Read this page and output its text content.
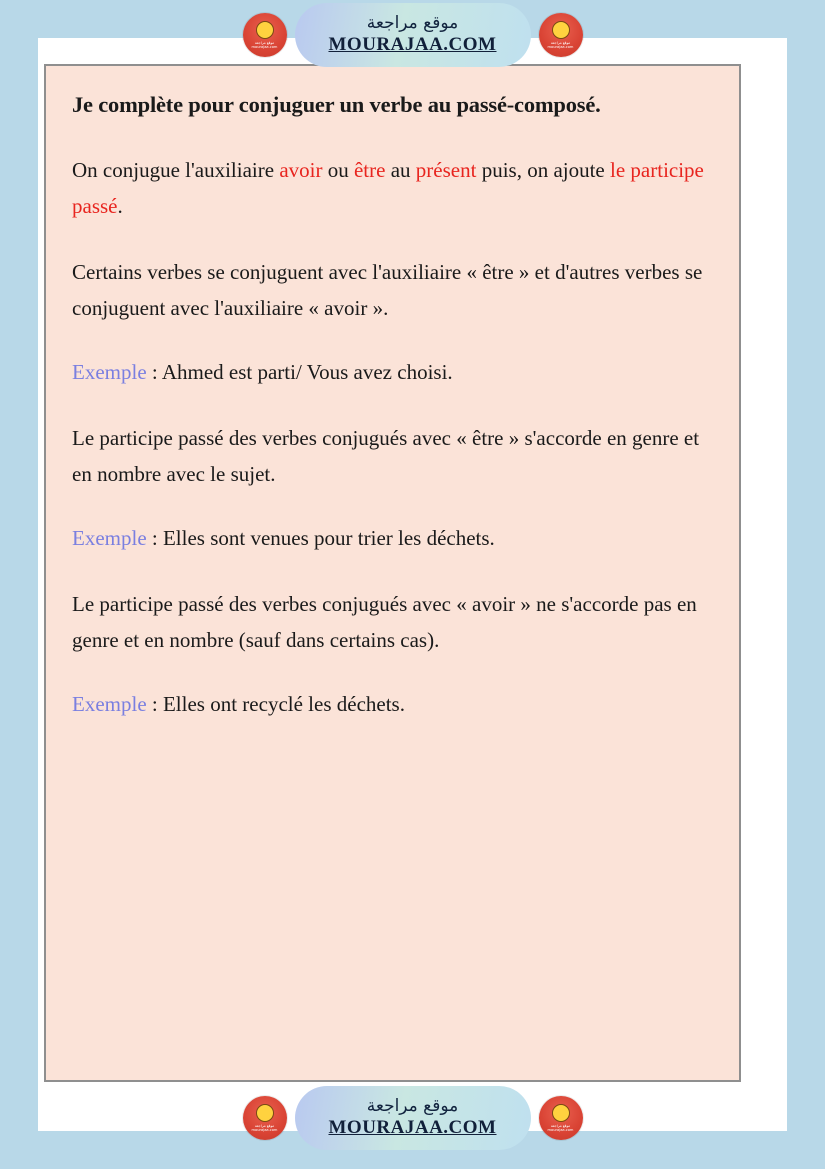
Je complète pour conjuguer un verbe au passé-composé.

On conjugue l'auxiliaire avoir ou être au présent puis, on ajoute le participe passé.

Certains verbes se conjuguent avec l'auxiliaire « être » et d'autres verbes se conjuguent avec l'auxiliaire « avoir ».

Exemple : Ahmed est parti/ Vous avez choisi.

Le participe passé des verbes conjugués avec « être » s'accorde en genre et en nombre avec le sujet.

Exemple : Elles sont venues pour trier les déchets.

Le participe passé des verbes conjugués avec « avoir » ne s'accorde pas en genre et en nombre (sauf dans certains cas).

Exemple : Elles ont recyclé les déchets.

موقع مراجعة mourajaa.com
موقع مراجعة
MOURAJAA.COM	موقع مراجعة mourajaa.com
موقع مراجعة mourajaa.com
موقع مراجعة
MOURAJAA.COM	موقع مراجعة mourajaa.com
